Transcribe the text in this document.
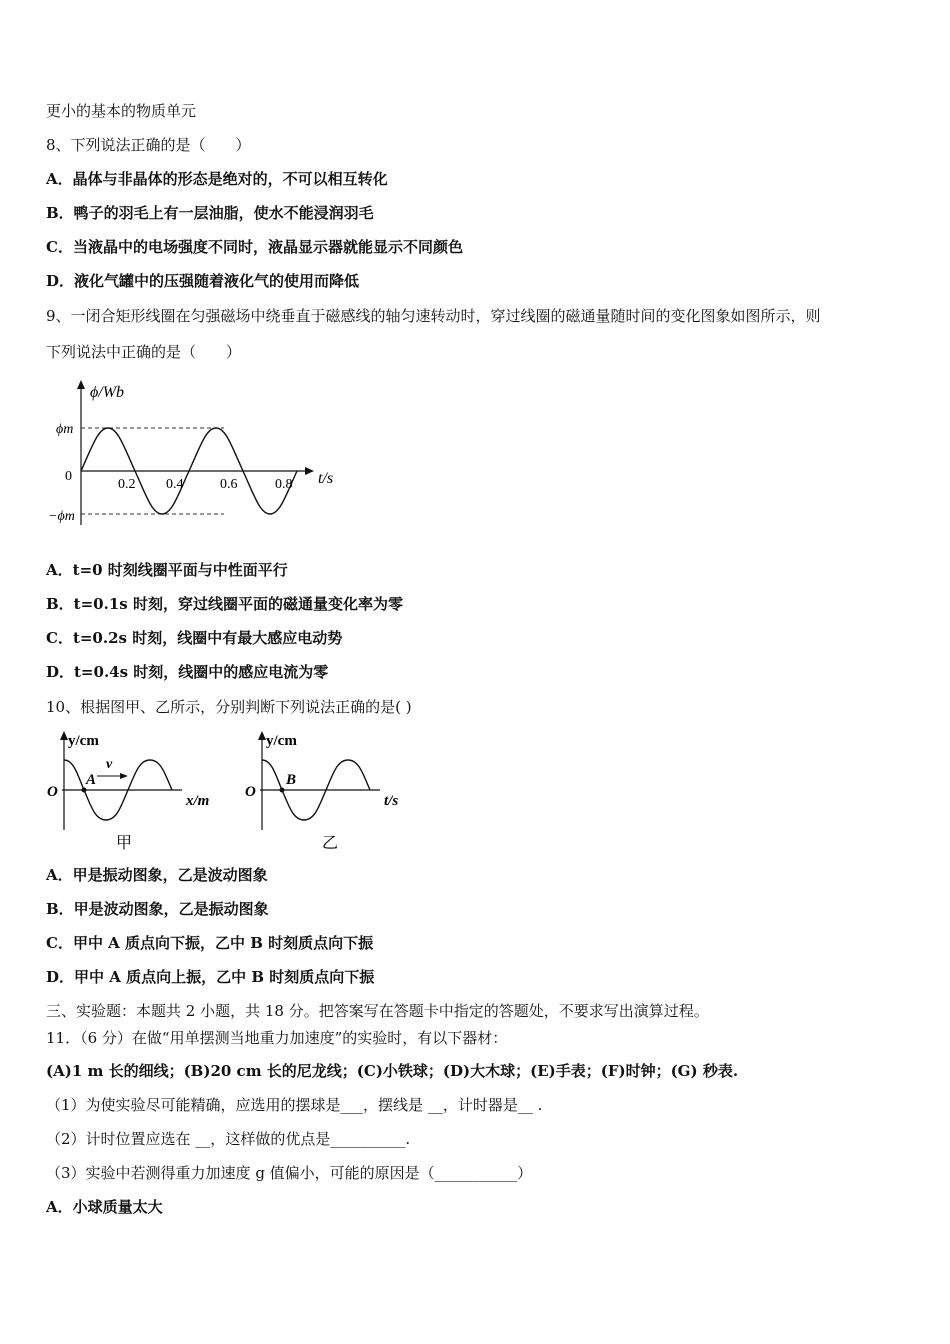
更小的基本的物质单元
8、下列说法正确的是（　　）
A．晶体与非晶体的形态是绝对的，不可以相互转化
B．鸭子的羽毛上有一层油脂，使水不能浸润羽毛
C．当液晶中的电场强度不同时，液晶显示器就能显示不同颜色
D．液化气罐中的压强随着液化气的使用而降低
9、一闭合矩形线圈在匀强磁场中绕垂直于磁感线的轴匀速转动时，穿过线圈的磁通量随时间的变化图象如图所示，则
下列说法中正确的是（　　）
ϕ/Wb
t/s
ϕm
−ϕm
0
0.2 0.4	0.6	0.8
A．t=0 时刻线圈平面与中性面平行
B．t=0.1s 时刻，穿过线圈平面的磁通量变化率为零
C．t=0.2s 时刻，线圈中有最大感应电动势
D．t=0.4s 时刻，线圈中的感应电流为零
10、根据图甲、乙所示，分别判断下列说法正确的是( )
y/cm
x/m
O
A
v
甲
y/cm
t/s
O
B
乙
A．甲是振动图象，乙是波动图象
B．甲是波动图象，乙是振动图象
C．甲中 A 质点向下振，乙中 B 时刻质点向下振
D．甲中 A 质点向上振，乙中 B 时刻质点向下振
三、实验题：本题共 2 小题，共 18 分。把答案写在答题卡中指定的答题处，不要求写出演算过程。
11．（6 分）在做“用单摆测当地重力加速度”的实验时，有以下器材：
(A)1 m 长的细线；(B)20 cm 长的尼龙线；(C)小铁球；(D)大木球；(E)手表；(F)时钟；(G) 秒表.
（1）为使实验尽可能精确，应选用的摆球是___，摆线是 __，计时器是__ .
（2）计时位置应选在 __，这样做的优点是__________.
（3）实验中若测得重力加速度 g 值偏小，可能的原因是（___________）
A．小球质量太大
